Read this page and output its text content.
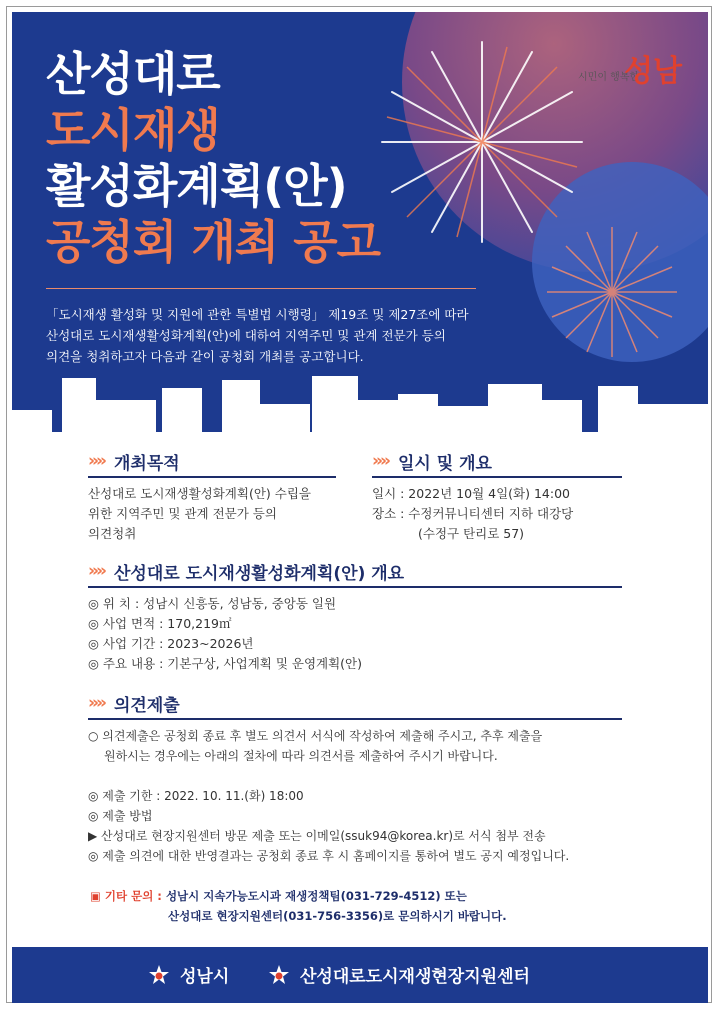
시민이 행복한
성남
산성대로
도시재생
활성화계획(안)
공청회 개최 공고
「도시재생 활성화 및 지원에 관한 특별법 시행령」 제19조 및 제27조에 따라
산성대로 도시재생활성화계획(안)에 대하여 지역주민 및 관계 전문가 등의
의견을 청취하고자 다음과 같이 공청회 개최를 공고합니다.
»» 개최목적
산성대로 도시재생활성화계획(안) 수립을
위한 지역주민 및 관계 전문가 등의
의견청취
»» 일시 및 개요
일시 : 2022년 10월 4일(화) 14:00
장소 : 수정커뮤니티센터 지하 대강당
(수정구 탄리로 57)
»» 산성대로 도시재생활성화계획(안) 개요
◎ 위 치 : 성남시 신흥동, 성남동, 중앙동 일원
◎ 사업 면적 : 170,219㎡
◎ 사업 기간 : 2023~2026년
◎ 주요 내용 : 기본구상, 사업계획 및 운영계획(안)
»» 의견제출
○ 의견제출은 공청회 종료 후 별도 의견서 서식에 작성하여 제출해 주시고, 추후 제출을
원하시는 경우에는 아래의 절차에 따라 의견서를 제출하여 주시기 바랍니다.
◎ 제출 기한 : 2022. 10. 11.(화) 18:00
◎ 제출 방법
▶ 산성대로 현장지원센터 방문 제출 또는 이메일(ssuk94@korea.kr)로 서식 첨부 전송
◎ 제출 의견에 대한 반영결과는 공청회 종료 후 시 홈페이지를 통하여 별도 공지 예정입니다.
▣ 기타 문의 : 성남시 지속가능도시과 재생정책팀(031-729-4512) 또는
산성대로 현장지원센터(031-756-3356)로 문의하시기 바랍니다.
성남시	산성대로도시재생현장지원센터
